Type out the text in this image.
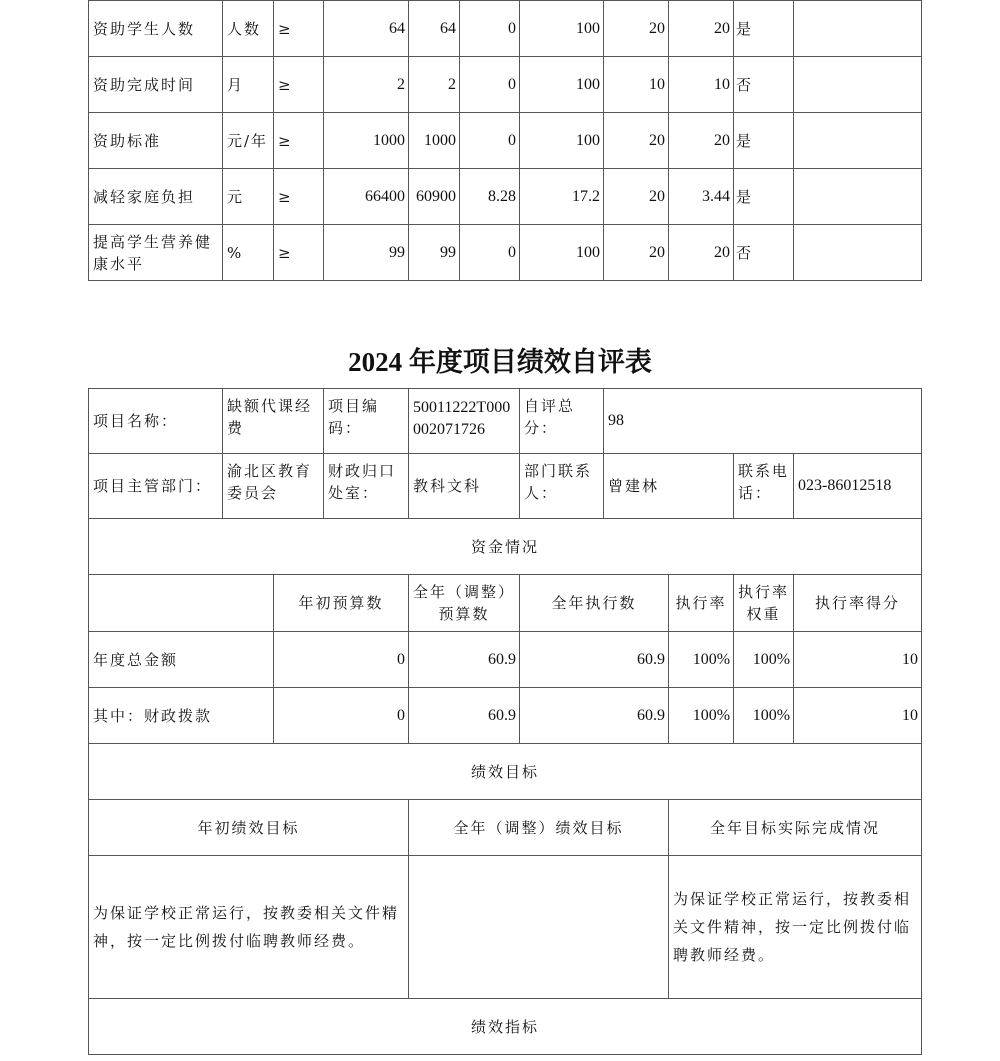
资助学生人数	人数	≥	64	64	0	100	20	20	是	
资助完成时间	月	≥	2	2	0	100	10	10	否	
资助标准	元/年	≥	1000	1000	0	100	20	20	是	
减轻家庭负担	元	≥	66400	60900	8.28	17.2	20	3.44	是	
提高学生营养健康水平	%	≥	99	99	0	100	20	20	否	
2024 年度项目绩效自评表
项目名称：	缺额代课经费		项目编码：	50011222T000002071726	自评总分：	98			
项目主管部门：	渝北区教育委员会		财政归口处室：	教科文科	部门联系人：	曾建林		联系电话：	023-86012518
资金情况									
		年初预算数		全年（调整）预算数	全年执行数		执行率	执行率权重	执行率得分
年度总金额		0		60.9	60.9		100%	100%	10
其中：财政拨款		0		60.9	60.9		100%	100%	10
绩效目标									
年初绩效目标				全年（调整）绩效目标			全年目标实际完成情况		
为保证学校正常运行，按教委相关文件精神，按一定比例拨付临聘教师经费。							为保证学校正常运行，按教委相关文件精神，按一定比例拨付临聘教师经费。		
绩效指标									
